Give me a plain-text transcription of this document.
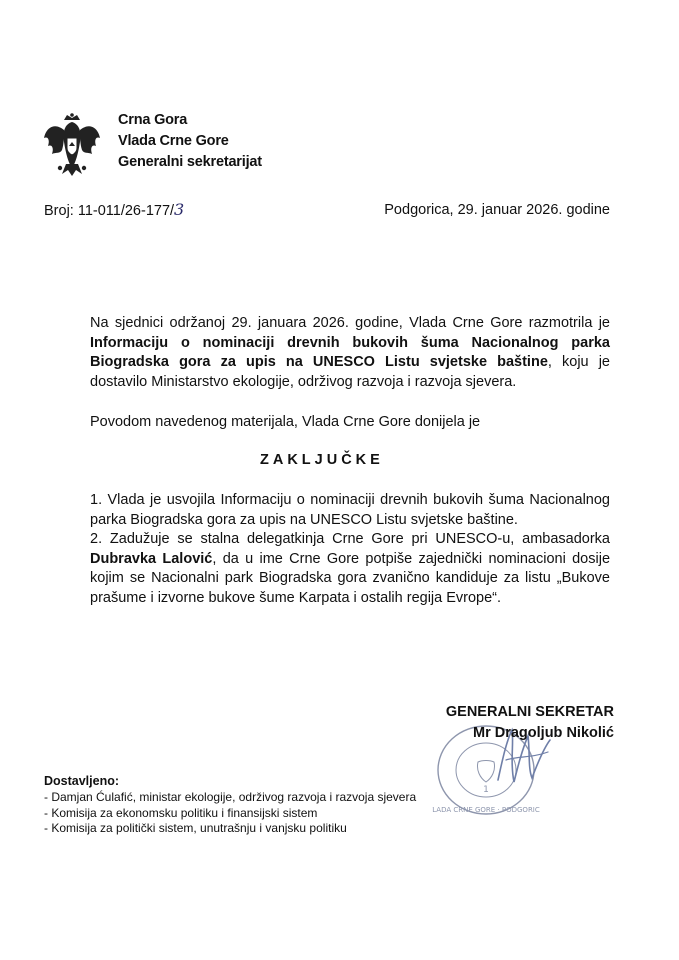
Crna Gora
Vlada Crne Gore
Generalni sekretarijat
Broj: 11-011/26-177/3	Podgorica, 29. januar 2026. godine

Na sjednici održanoj 29. januara 2026. godine, Vlada Crne Gore razmotrila je Informaciju o nominaciji drevnih bukovih šuma Nacionalnog parka Biogradska gora za upis na UNESCO Listu svjetske baštine, koju je dostavilo Ministarstvo ekologije, održivog razvoja i razvoja sjevera.

Povodom navedenog materijala, Vlada Crne Gore donijela je
ZAKLJUČKE

1. Vlada je usvojila Informaciju o nominaciji drevnih bukovih šuma Nacionalnog parka Biogradska gora za upis na UNESCO Listu svjetske baštine.

2. Zadužuje se stalna delegatkinja Crne Gore pri UNESCO-u, ambasadorka Dubravka Lalović, da u ime Crne Gore potpiše zajednički nominacioni dosije kojim se Nacionalni park Biogradska gora zvanično kandiduje za listu „Bukove prašume i izvorne bukove šume Karpata i ostalih regija Evrope“.

1
VLADA CRNE GORE · PODGORICA
GENERALNI SEKRETAR
Mr Dragoljub Nikolić
Dostavljeno:
- Damjan Ćulafić, ministar ekologije, održivog razvoja i razvoja sjevera
- Komisija za ekonomsku politiku i finansijski sistem
- Komisija za politički sistem, unutrašnju i vanjsku politiku
